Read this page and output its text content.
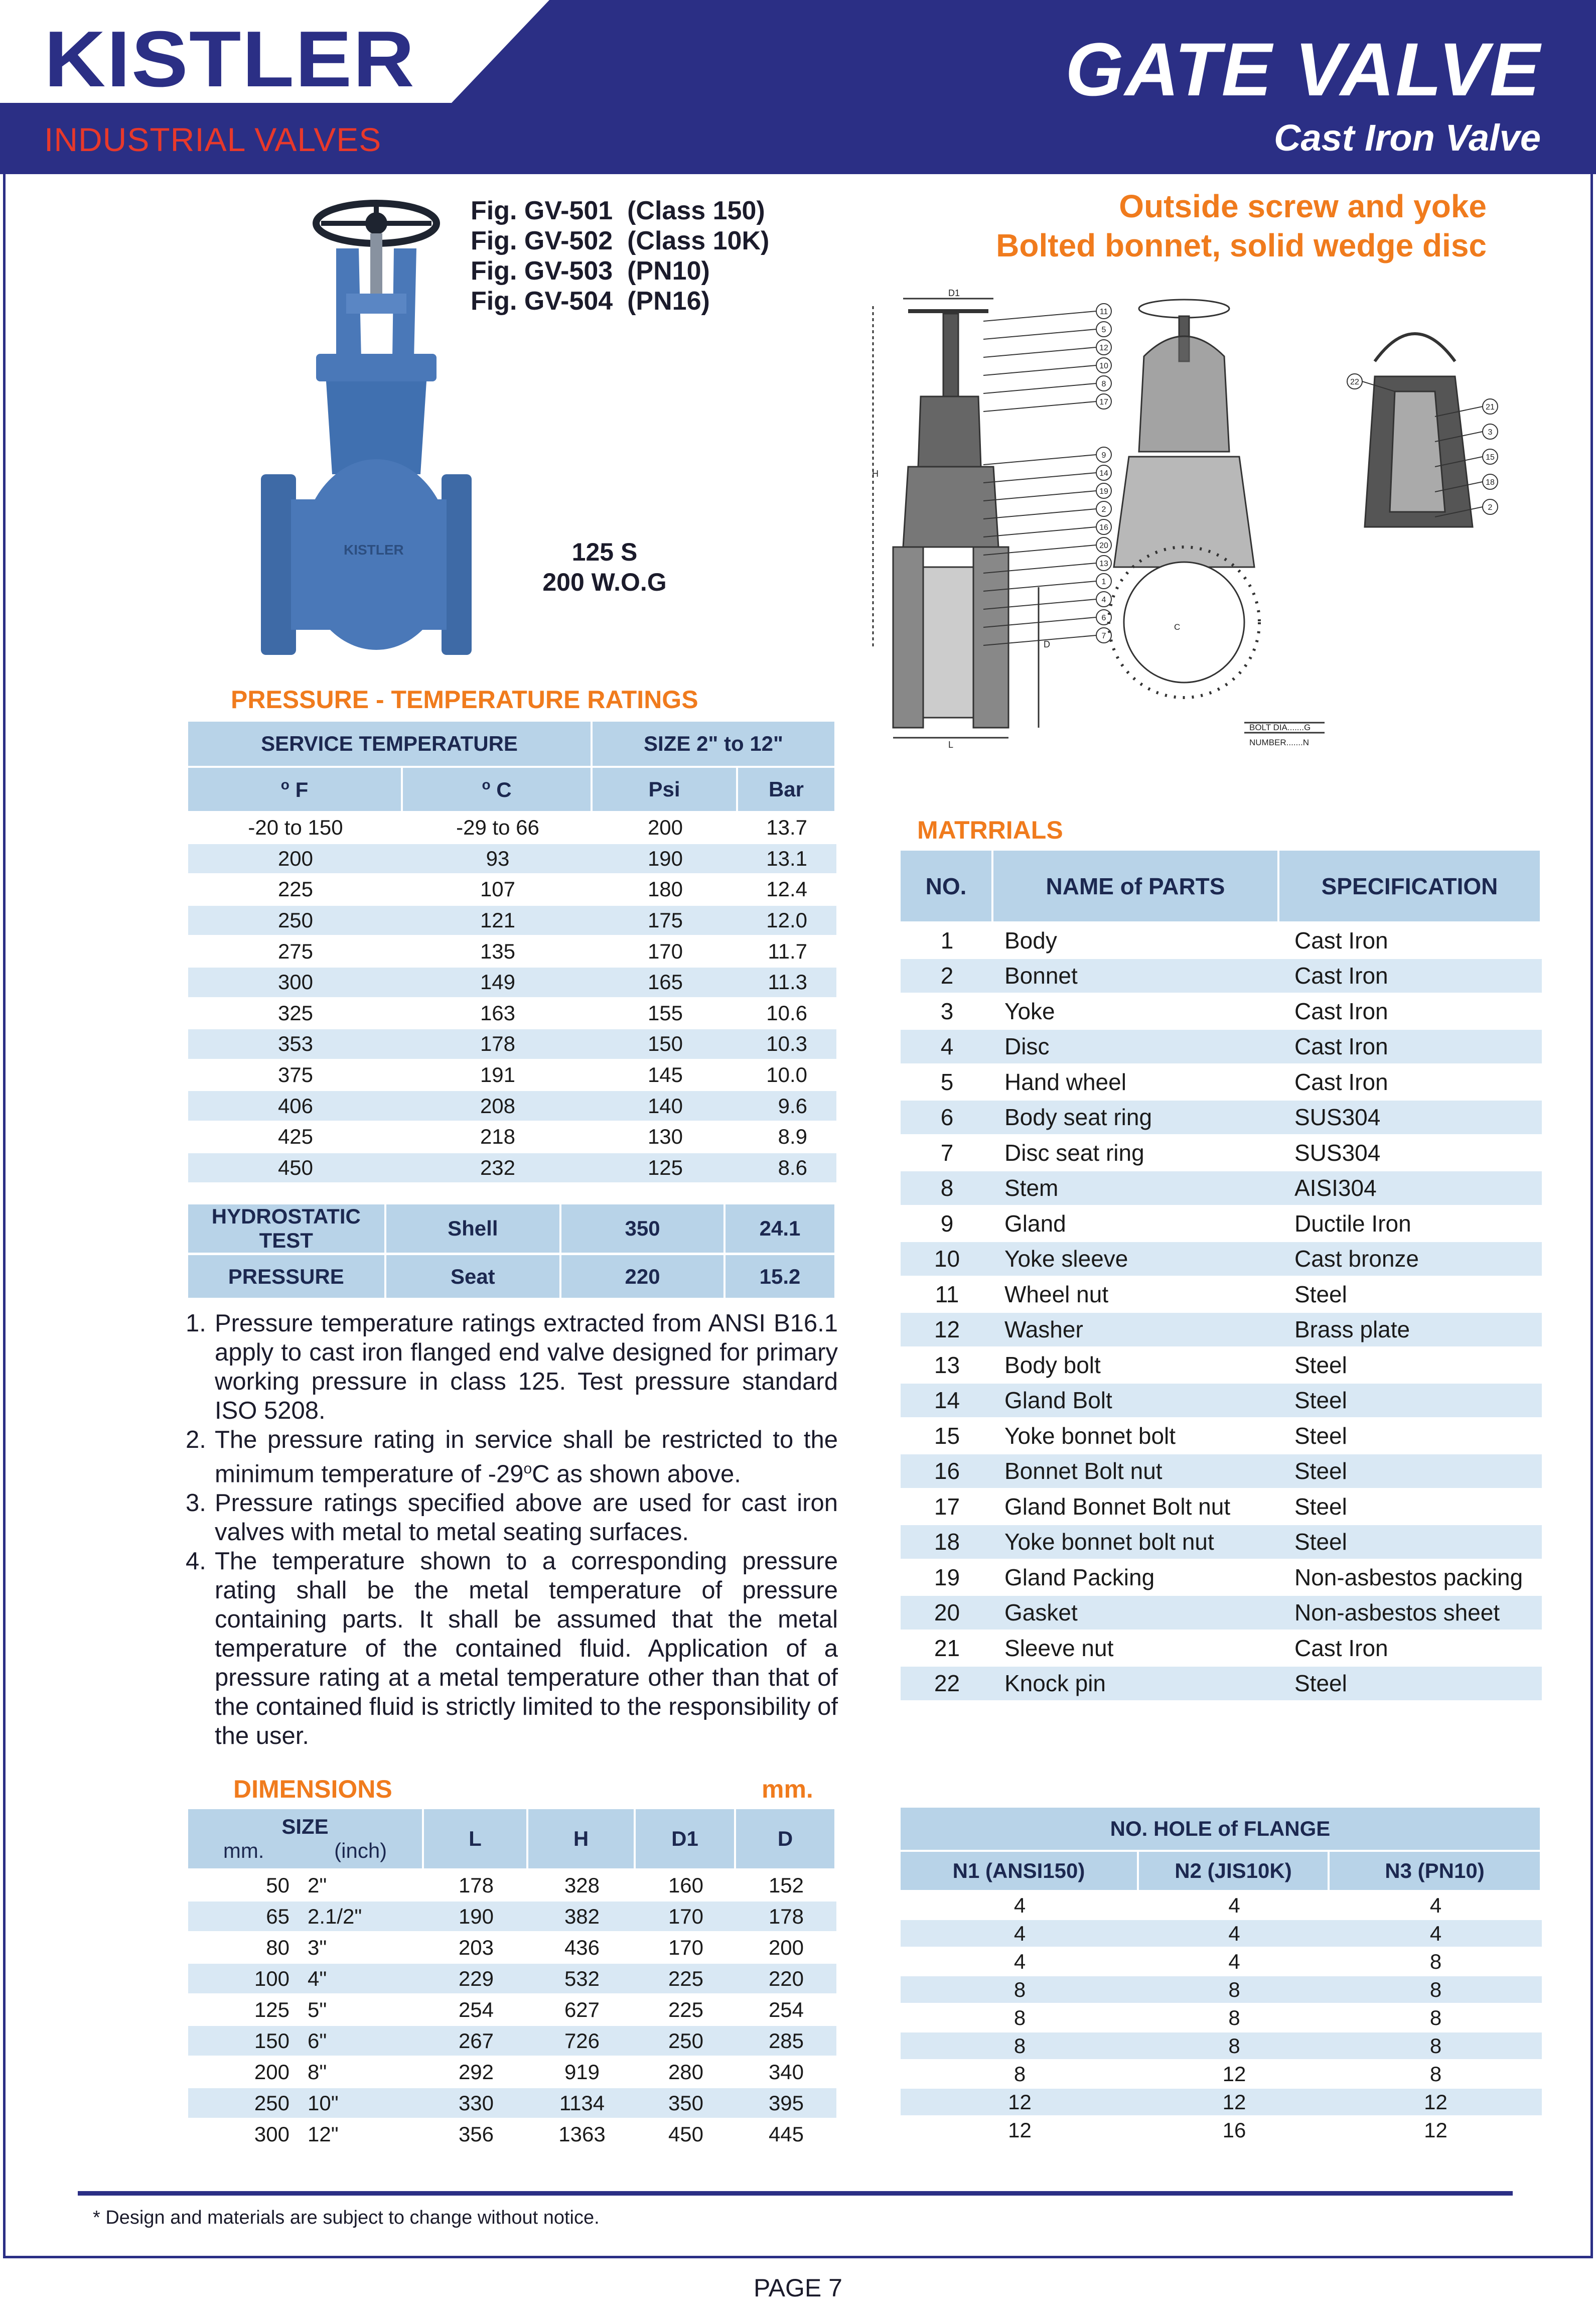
KISTLER
INDUSTRIAL VALVES
GATE VALVE
Cast Iron Valve
KISTLER
Fig. GV-501  (Class 150)
Fig. GV-502  (Class 10K)
Fig. GV-503  (PN10)
Fig. GV-504  (PN16)
125 S
200 W.O.G
Outside screw and yoke
Bolted bonnet, solid wedge disc
D1
H
D
L
11
5
12
10
8
17
9
14
19
2
16
20
13
1
4
6
7
C
BOLT DIA.......G
NUMBER.......N
22
21
3
15
18
2
PRESSURE - TEMPERATURE RATINGS
SERVICE TEMPERATURE		SIZE 2" to 12"	
$^o$ F	$^o$ C	Psi	Bar
-20 to 150	-29 to 66	200	13.7
200	93	190	13.1
225	107	180	12.4
250	121	175	12.0
275	135	170	11.7
300	149	165	11.3
325	163	155	10.6
353	178	150	10.3
375	191	145	10.0
406	208	140	9.6
425	218	130	8.9
450	232	125	8.6
HYDROSTATIC TEST	Shell	350	24.1
PRESSURE	Seat	220	15.2
1. Pressure temperature ratings extracted from ANSI B16.1 apply to cast iron flanged end valve designed for primary working pressure in class 125. Test pressure standard ISO 5208.
2. The pressure rating in service shall be restricted to the minimum temperature of -29$^o$C as shown above.
3. Pressure ratings specified above are used for cast iron valves with metal to metal seating surfaces.
4. The temperature shown to a corresponding pressure rating shall be the metal temperature of pressure containing parts. It shall be assumed that the metal temperature of the contained fluid. Application of a pressure rating at a metal temperature other than that of the contained fluid is strictly limited to the responsibility of the user.
MATRRIALS
NO.	NAME of PARTS	SPECIFICATION
1	Body	Cast Iron
2	Bonnet	Cast Iron
3	Yoke	Cast Iron
4	Disc	Cast Iron
5	Hand wheel	Cast Iron
6	Body seat ring	SUS304
7	Disc seat ring	SUS304
8	Stem	AISI304
9	Gland	Ductile Iron
10	Yoke sleeve	Cast bronze
11	Wheel nut	Steel
12	Washer	Brass plate
13	Body bolt	Steel
14	Gland Bolt	Steel
15	Yoke bonnet bolt	Steel
16	Bonnet Bolt nut	Steel
17	Gland Bonnet Bolt nut	Steel
18	Yoke bonnet bolt nut	Steel
19	Gland Packing	Non-asbestos packing
20	Gasket	Non-asbestos sheet
21	Sleeve nut	Cast Iron
22	Knock pin	Steel
DIMENSIONS	mm.
SIZE
mm. (inch)		L	H	D1	D
50	2"	178	328	160	152
65	2.1/2"	190	382	170	178
80	3"	203	436	170	200
100	4"	229	532	225	220
125	5"	254	627	225	254
150	6"	267	726	250	285
200	8"	292	919	280	340
250	10"	330	1134	350	395
300	12"	356	1363	450	445
NO. HOLE of FLANGE		
N1 (ANSI150)	N2 (JIS10K)	N3 (PN10)
4	4	4
4	4	4
4	4	8
8	8	8
8	8	8
8	8	8
8	12	8
12	12	12
12	16	12
* Design and materials are subject to change without notice.
PAGE 7
